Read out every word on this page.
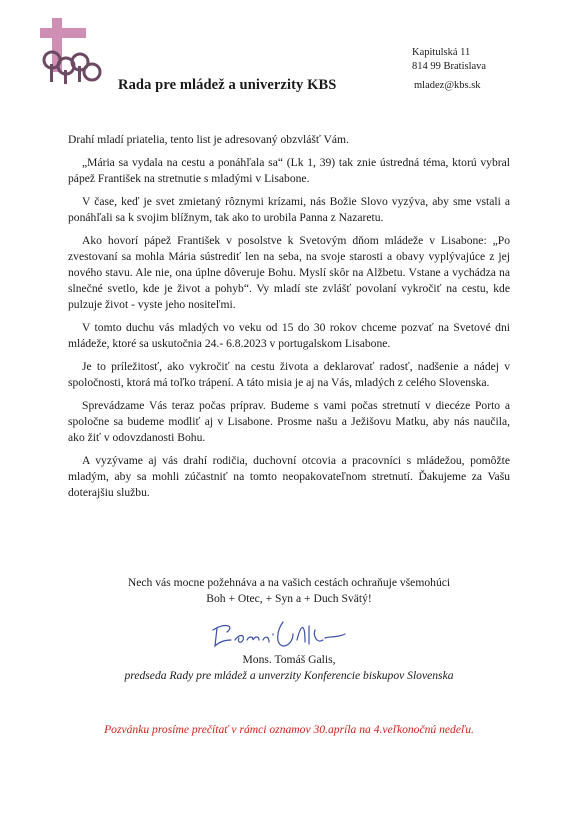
Rada pre mládež a univerzity KBS
Kapitulská 11
814 99 Bratislava
mladez@kbs.sk

Drahí mladí priatelia, tento list je adresovaný obzvlášť Vám.

„Mária sa vydala na cestu a ponáhľala sa“ (Lk 1, 39) tak znie ústredná téma, ktorú vybral pápež František na stretnutie s mladými v Lisabone.

V čase, keď je svet zmietaný rôznymi krízami, nás Božie Slovo vyzýva, aby sme vstali a ponáhľali sa k svojim blížnym, tak ako to urobila Panna z Nazaretu.

Ako hovorí pápež František v posolstve k Svetovým dňom mládeže v Lisabone: „Po zvestovaní sa mohla Mária sústrediť len na seba, na svoje starosti a obavy vyplývajúce z jej nového stavu. Ale nie, ona úplne dôveruje Bohu. Myslí skôr na Alžbetu. Vstane a vychádza na slnečné svetlo, kde je život a pohyb“. Vy mladí ste zvlášť povolaní vykročiť na cestu, kde pulzuje život - vyste jeho nositeľmi.

V tomto duchu vás mladých vo veku od 15 do 30 rokov chceme pozvať na Svetové dni mládeže, ktoré sa uskutočnia 24.- 6.8.2023 v portugalskom Lisabone.

Je to príležitosť, ako vykročiť na cestu života a deklarovať radosť, nadšenie a nádej v spoločnosti, ktorá má toľko trápení. A táto misia je aj na Vás, mladých z celého Slovenska.

Sprevádzame Vás teraz počas príprav. Budeme s vami počas stretnutí v diecéze Porto a spoločne sa budeme modliť aj v Lisabone. Prosme našu a Ježišovu Matku, aby nás naučila, ako žiť v odovzdanosti Bohu.

A vyzývame aj vás drahí rodičia, duchovní otcovia a pracovníci s mládežou, pomôžte mladým, aby sa mohli zúčastniť na tomto neopakovateľnom stretnutí. Ďakujeme za Vašu doterajšiu službu.

Nech vás mocne požehnáva a na vašich cestách ochraňuje všemohúci
Boh + Otec, + Syn a + Duch Svätý!
Mons. Tomáš Galis,
predseda Rady pre mládež a unverzity Konferencie biskupov Slovenska
Pozvánku prosíme prečítať v rámci oznamov 30.apríla na 4.veľkonočnú nedeľu.
